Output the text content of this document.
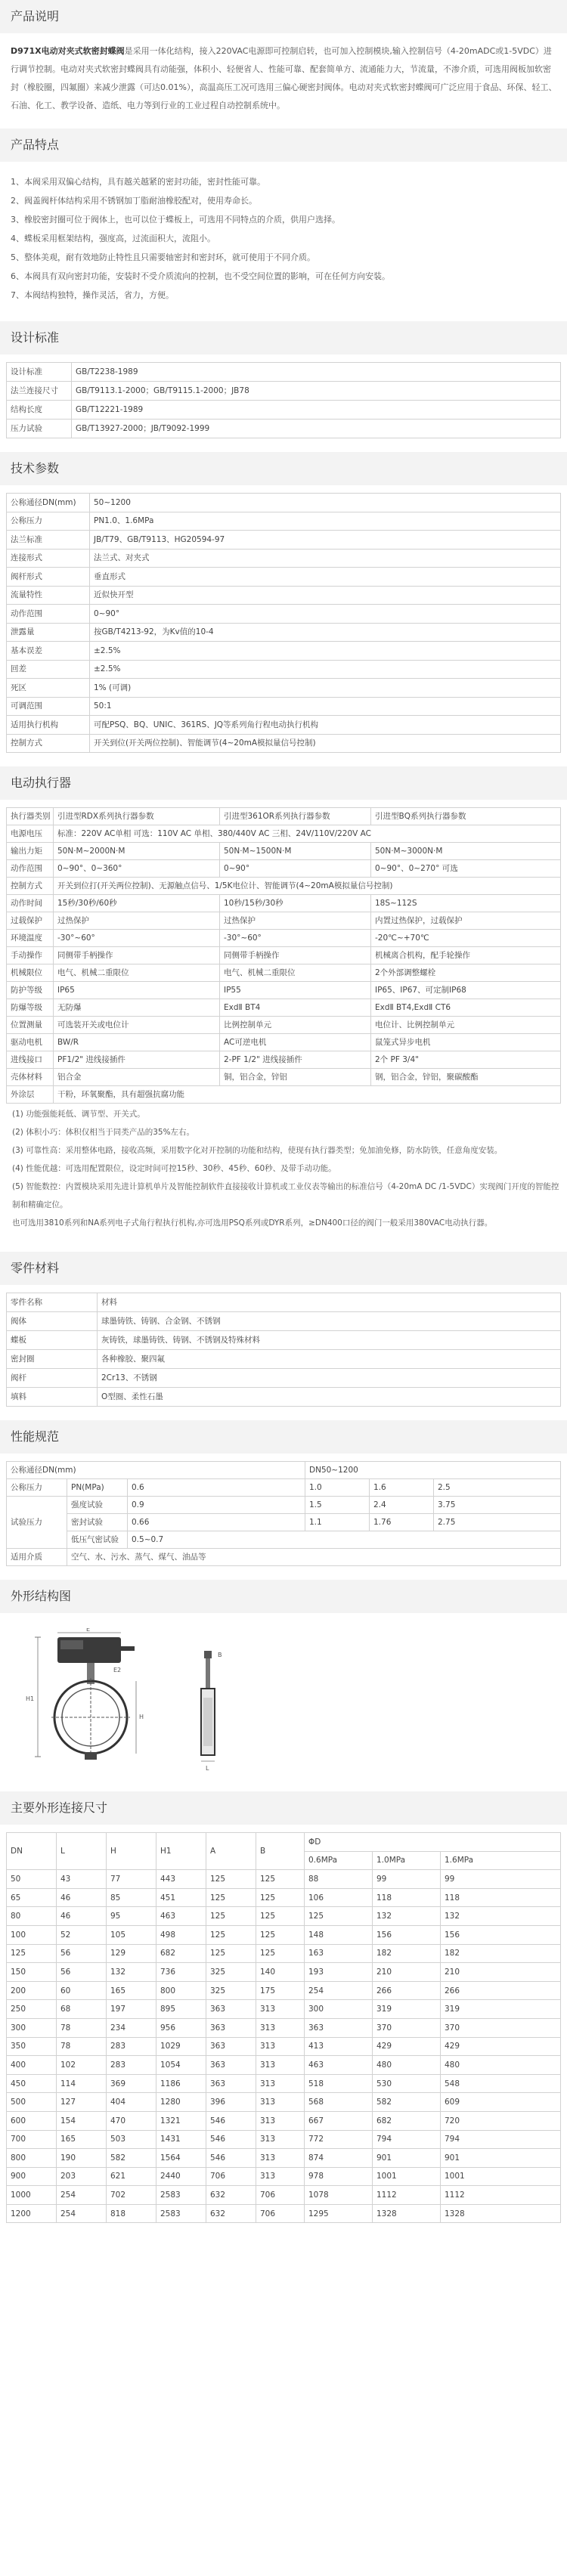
产品说明
D971X电动对夹式软密封蝶阀是采用一体化结构，接入220VAC电源即可控制启转，也可加入控制模块,输入控制信号（4-20mADC或1-5VDC）进行调节控制。电动对夹式软密封蝶阀具有动能强，体积小、轻便省人、性能可靠、配套简单方、流通能力大，节流量，不渗介质，可选用阀板加软密封（橡胶圈，四氟圈）来减少泄露（可达0.01%），高温高压工况可选用三偏心硬密封阀体。电动对夹式软密封蝶阀可广泛应用于食品、环保、轻工、石油、化工、教学设备、造纸、电力等到行业的工业过程自动控制系统中。
产品特点
1、本阀采用双偏心结构，具有越关越紧的密封功能，密封性能可靠。
2、阀盖阀杆体结构采用不锈钢加丁脂耐油橡胶配对，使用寿命长。
3、橡胶密封圈可位于阀体上，也可以位于蝶板上，可选用不同特点的介质，供用户选择。
4、蝶板采用框架结构，强度高，过流面积大，流阻小。
5、整体美观，耐有效地防止特性且只需要轴密封和密封环，就可使用于不同介质。
6、本阀具有双向密封功能，安装时不受介质流向的控制，也不受空间位置的影响，可在任何方向安装。
7、本阀结构独特，操作灵活，省力，方便。
设计标准
设计标准	GB/T2238-1989
法兰连接尺寸	GB/T9113.1-2000；GB/T9115.1-2000；JB78
结构长度	GB/T12221-1989
压力试验	GB/T13927-2000；JB/T9092-1999
技术参数
公称通径DN(mm)	50~1200
公称压力	PN1.0、1.6MPa
法兰标准	JB/T79、GB/T9113、HG20594-97
连接形式	法兰式、对夹式
阀杆形式	垂直形式
流量特性	近似快开型
动作范围	0~90°
泄露量	按GB/T4213-92，为Kv值的10-4
基本误差	±2.5%
回差	±2.5%
死区	1% (可调)
可调范围	50:1
适用执行机构	可配PSQ、BQ、UNIC、361RS、JQ等系列角行程电动执行机构
控制方式	开关到位(开关两位控制)、智能调节(4~20mA模拟量信号控制)
电动执行器
执行器类别	引进型RDX系列执行器参数	引进型361OR系列执行器参数	引进型BQ系列执行器参数
电源电压	标准：220V AC单相 可选：110V AC 单相、380/440V AC 三相、24V/110V/220V AC		
输出力矩	50N·M~2000N·M	50N·M~1500N·M	50N·M~3000N·M
动作范围	0~90°、0~360°	0~90°	0~90°、0~270° 可选
控制方式	开关到位打(开关两位控制)、无源触点信号、1/5K电位计、智能调节(4~20mA模拟量信号控制)		
动作时间	15秒/30秒/60秒	10秒/15秒/30秒	18S~112S
过载保护	过热保护	过热保护	内置过热保护，过载保护
环境温度	-30°~60°	-30°~60°	-20℃~+70℃
手动操作	同侧带手柄操作	同侧带手柄操作	机械离合机构，配手轮操作
机械限位	电气、机械二重限位	电气、机械二重限位	2个外部调整螺栓
防护等级	IP65	IP55	IP65、IP67、可定制IP68
防爆等级	无防爆	ExdⅡ BT4	ExdⅡ BT4,ExdⅡ CT6
位置测量	可选装开关或电位计	比例控制单元	电位计、比例控制单元
驱动电机	BW/R	AC可逆电机	鼠笼式异步电机
进线接口	PF1/2" 进线接插件	2-PF 1/2" 进线接插件	2个 PF 3/4"
壳体材料	铝合金	铜，铝合金，锌铝	钢，铝合金，锌铝，聚碳酸酯
外涂层	干粉，环氧聚酯，具有超强抗腐功能		
(1) 功能强能耗低、调节型、开关式。
(2) 体积小巧：体积仅相当于同类产品的35%左右。
(3) 可靠性高：采用整体电路，接收高频，采用数字化对开控制的功能和结构，使现有执行器类型；免加油免修，防水防铁，任意角度安装。
(4) 性能优越：可选用配置限位，设定时间可控15秒、30秒、45秒、60秒、及带手动功能。
(5) 智能数控：内置模块采用先进计算机单片及智能控制软件直接接收计算机或工业仪表等输出的标准信号（4-20mA DC /1-5VDC）实现阀门开度的智能控制和精确定位。
也可选用3810系列和NA系列电子式角行程执行机构,亦可选用PSQ系列或DYR系列，≥DN400口径的阀门一般采用380VAC电动执行器。
零件材料
零件名称	材料
阀体	球墨铸铁、铸钢、合金钢、不锈钢
蝶板	灰铸铁，球墨铸铁、铸钢、不锈钢及特殊材料
密封圈	各种橡胶、聚四氟
阀杆	2Cr13、不锈钢
填料	O型圈、柔性石墨
性能规范
公称通径DN(mm)			DN50~1200		
公称压力	PN(MPa)	0.6	1.0	1.6	2.5
试验压力	强度试验	0.9	1.5	2.4	3.75
	密封试验	0.66	1.1	1.76	2.75
	低压气密试验	0.5~0.7			
适用介质	空气、水、污水、蒸气、煤气、油品等				
外形结构图
H1
H
E
E2
L
B
主要外形连接尺寸
DN	L	H	H1	A	B	ΦD		
						0.6MPa	1.0MPa	1.6MPa
50	43	77	443	125	125	88	99	99
65	46	85	451	125	125	106	118	118
80	46	95	463	125	125	125	132	132
100	52	105	498	125	125	148	156	156
125	56	129	682	125	125	163	182	182
150	56	132	736	325	140	193	210	210
200	60	165	800	325	175	254	266	266
250	68	197	895	363	313	300	319	319
300	78	234	956	363	313	363	370	370
350	78	283	1029	363	313	413	429	429
400	102	283	1054	363	313	463	480	480
450	114	369	1186	363	313	518	530	548
500	127	404	1280	396	313	568	582	609
600	154	470	1321	546	313	667	682	720
700	165	503	1431	546	313	772	794	794
800	190	582	1564	546	313	874	901	901
900	203	621	2440	706	313	978	1001	1001
1000	254	702	2583	632	706	1078	1112	1112
1200	254	818	2583	632	706	1295	1328	1328
